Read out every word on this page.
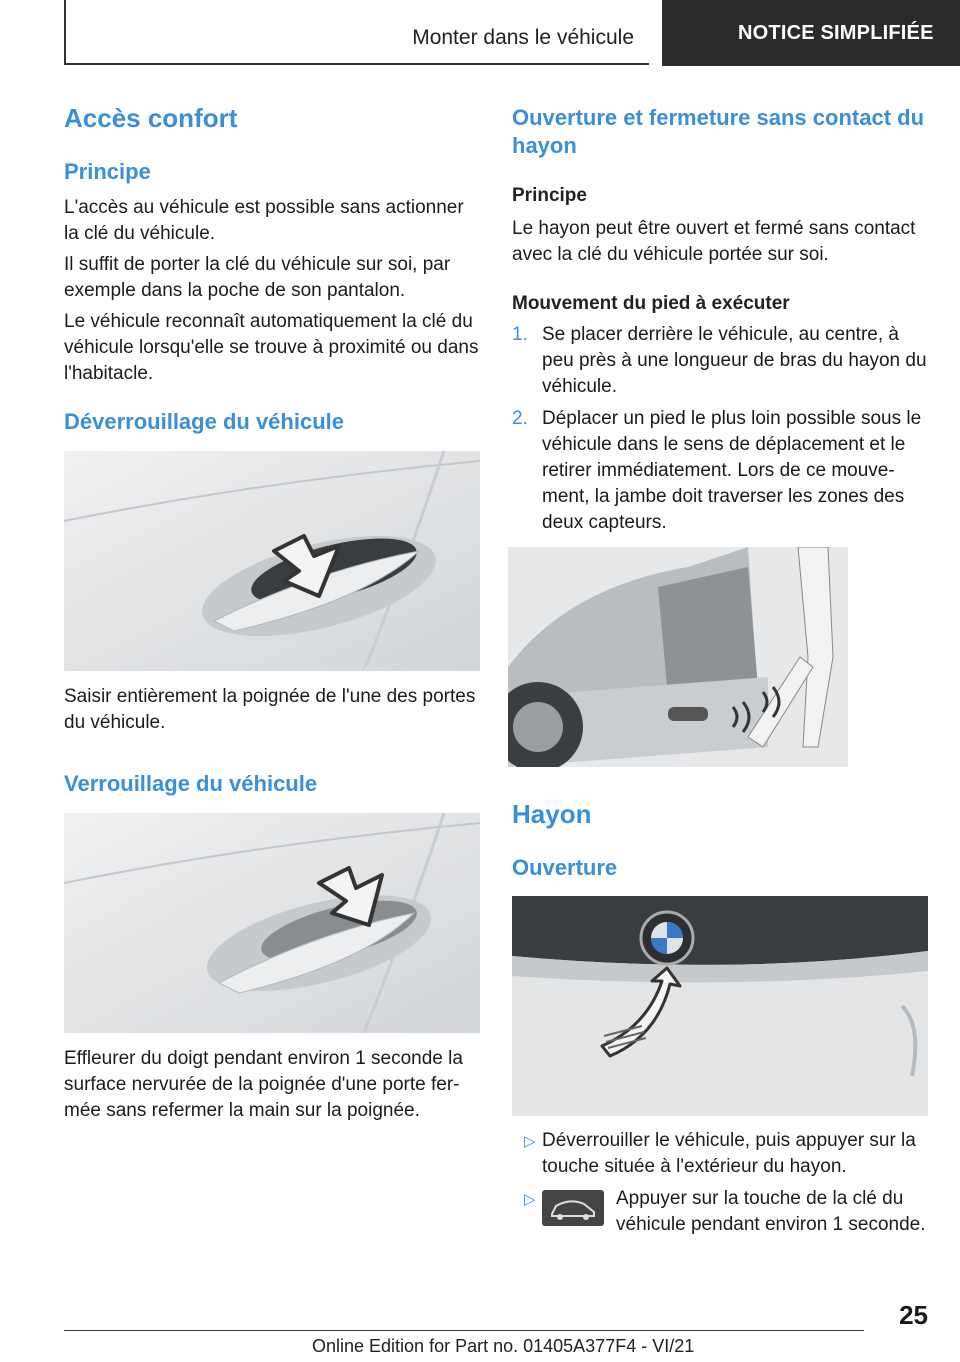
Monter dans le véhicule	NOTICE SIMPLIFIÉE
Accès confort
Principe
L'accès au véhicule est possible sans actionner la clé du véhicule.
Il suffit de porter la clé du véhicule sur soi, par exemple dans la poche de son pantalon.
Le véhicule reconnaît automatiquement la clé du véhicule lorsqu'elle se trouve à proximité ou dans l'habitacle.
Déverrouillage du véhicule
Saisir entièrement la poignée de l'une des portes du véhicule.
Verrouillage du véhicule
Effleurer du doigt pendant environ 1 seconde la surface nervurée de la poignée d'une porte fer- mée sans refermer la main sur la poignée.
Ouverture et fermeture sans contact du hayon
Principe
Le hayon peut être ouvert et fermé sans contact avec la clé du véhicule portée sur soi.
Mouvement du pied à exécuter
1. Se placer derrière le véhicule, au centre, à peu près à une longueur de bras du hayon du véhicule.
2. Déplacer un pied le plus loin possible sous le véhicule dans le sens de déplacement et le retirer immédiatement. Lors de ce mouve- ment, la jambe doit traverser les zones des deux capteurs.
Hayon
Ouverture
▷ Déverrouiller le véhicule, puis appuyer sur la touche située à l'extérieur du hayon.
▷	Appuyer sur la touche de la clé du véhicule pendant environ 1 seconde.
25
Online Edition for Part no. 01405A377F4 - VI/21
